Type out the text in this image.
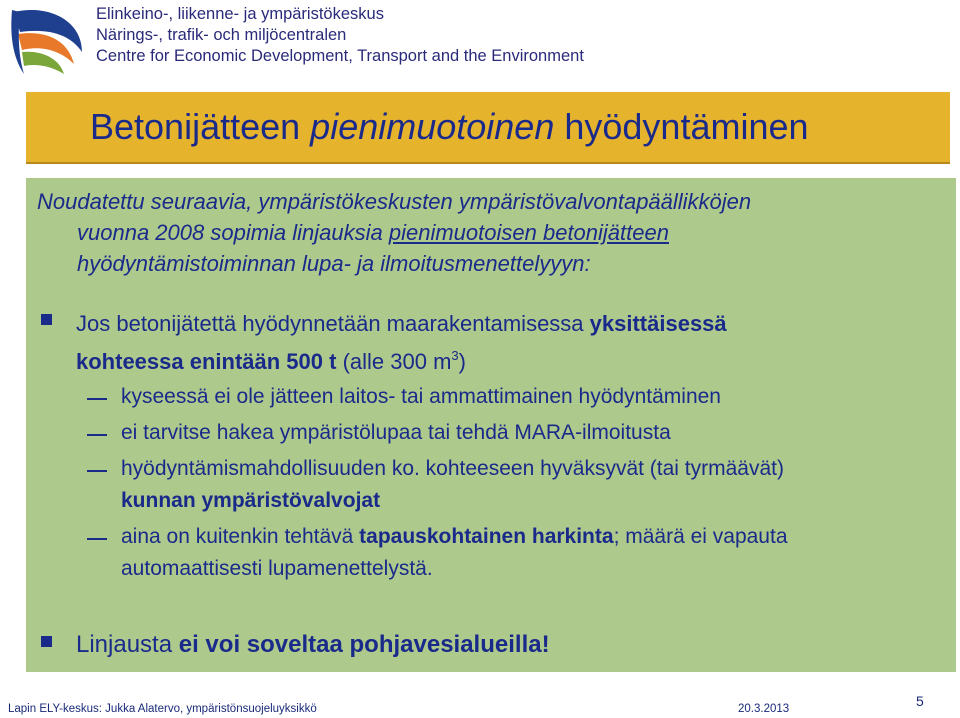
Elinkeino-, liikenne- ja ympäristökeskus
Närings-, trafik- och miljöcentralen
Centre for Economic Development, Transport and the Environment
Betonijätteen pienimuotoinen hyödyntäminen
Noudatettu seuraavia, ympäristökeskusten ympäristövalvontapäällikköjen
vuonna 2008 sopimia linjauksia pienimuotoisen betonijätteen
hyödyntämistoiminnan lupa- ja ilmoitusmenettelyyyn:
Jos betonijätettä hyödynnetään maarakentamisessa yksittäisessä
kohteessa enintään 500 t (alle 300 $m^3$)
kyseessä ei ole jätteen laitos- tai ammattimainen hyödyntäminen
ei tarvitse hakea ympäristölupaa tai tehdä MARA-ilmoitusta
hyödyntämismahdollisuuden ko. kohteeseen hyväksyvät (tai tyrmäävät)
kunnan ympäristövalvojat
aina on kuitenkin tehtävä tapauskohtainen harkinta; määrä ei vapauta
automaattisesti lupamenettelystä.
Linjausta ei voi soveltaa pohjavesialueilla!
Lapin ELY-keskus: Jukka Alatervo, ympäristönsuojeluyksikkö	20.3.2013	5
